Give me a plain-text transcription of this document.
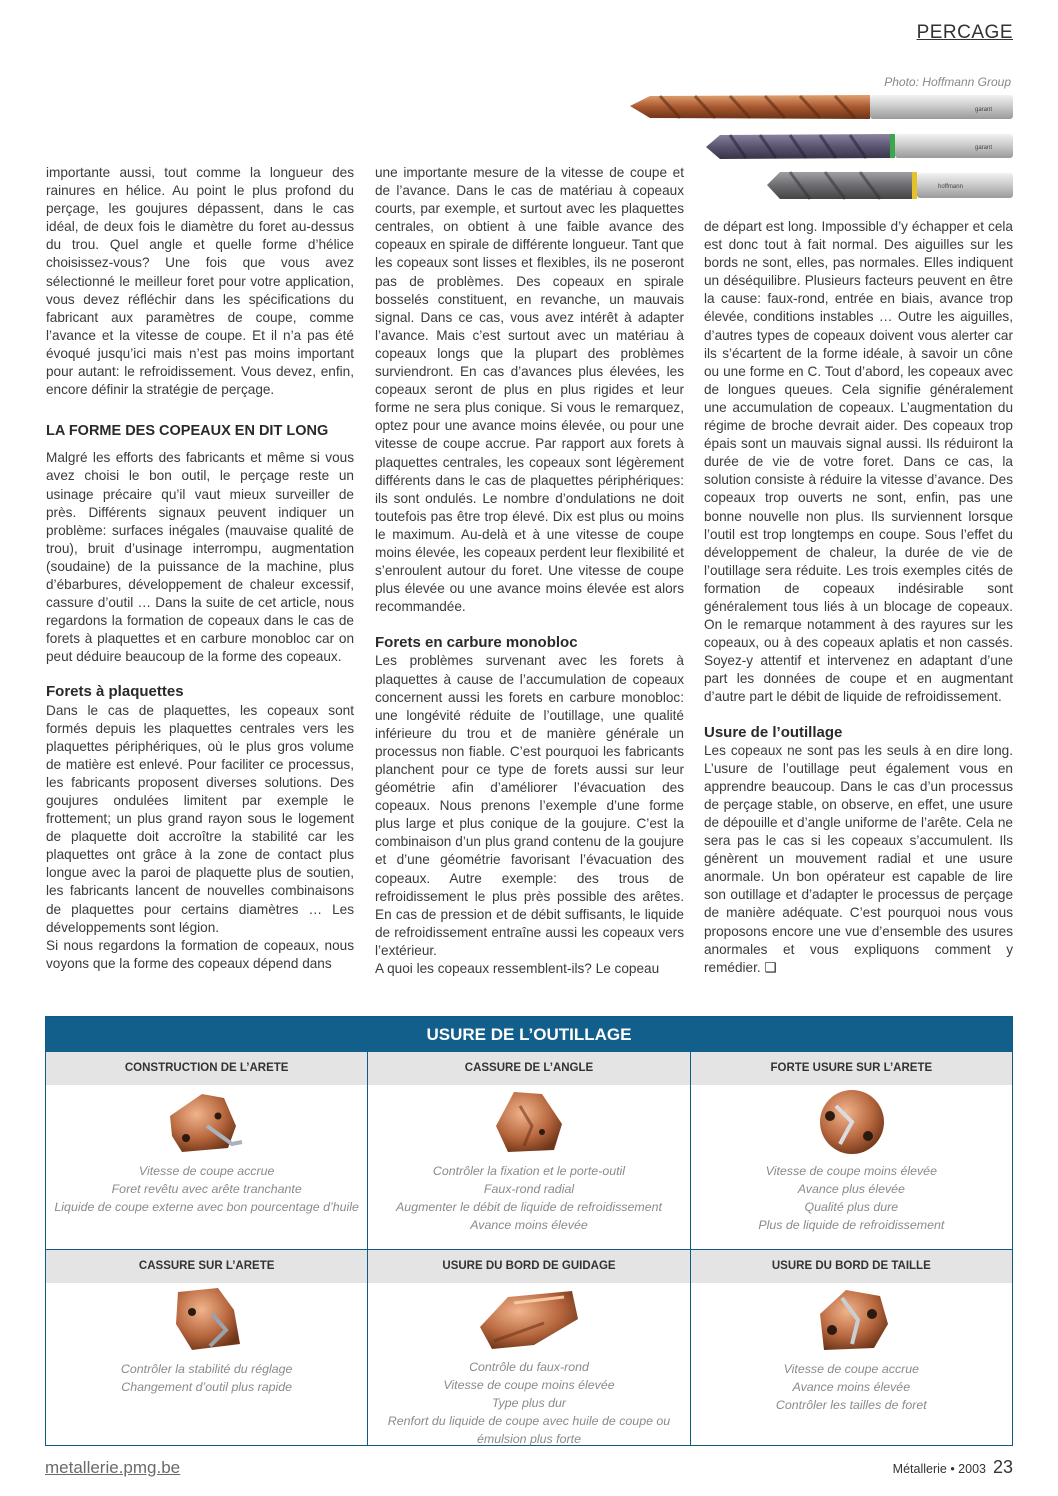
PERCAGE
Photo: Hoffmann Group
garant
garant
hoffmann

importante aussi, tout comme la longueur des rainures en hélice. Au point le plus profond du perçage, les goujures dépassent, dans le cas idéal, de deux fois le diamètre du foret au-dessus du trou. Quel angle et quelle forme d’hélice choisissez-vous? Une fois que vous avez sélectionné le meilleur foret pour votre application, vous devez réfléchir dans les spécifications du fabricant aux paramètres de coupe, comme l’avance et la vitesse de coupe. Et il n’a pas été évoqué jusqu’ici mais n’est pas moins important pour autant: le refroidissement. Vous devez, enfin, encore définir la stratégie de perçage.

LA FORME DES COPEAUX EN DIT LONG

Malgré les efforts des fabricants et même si vous avez choisi le bon outil, le perçage reste un usinage précaire qu’il vaut mieux surveiller de près. Différents signaux peuvent indiquer un problème: surfaces inégales (mauvaise qualité de trou), bruit d’usinage interrompu, augmentation (soudaine) de la puissance de la machine, plus d’ébarbures, développement de chaleur excessif, cassure d’outil … Dans la suite de cet article, nous regardons la formation de copeaux dans le cas de forets à plaquettes et en carbure monobloc car on peut déduire beaucoup de la forme des copeaux.

Forets à plaquettes

Dans le cas de plaquettes, les copeaux sont formés depuis les plaquettes centrales vers les plaquettes périphériques, où le plus gros volume de matière est enlevé. Pour faciliter ce processus, les fabricants proposent diverses solutions. Des goujures ondulées limitent par exemple le frottement; un plus grand rayon sous le logement de plaquette doit accroître la stabilité car les plaquettes ont grâce à la zone de contact plus longue avec la paroi de plaquette plus de soutien, les fabricants lancent de nouvelles combinaisons de plaquettes pour certains diamètres … Les développements sont légion.

Si nous regardons la formation de copeaux, nous voyons que la forme des copeaux dépend dans

une importante mesure de la vitesse de coupe et de l’avance. Dans le cas de matériau à copeaux courts, par exemple, et surtout avec les plaquettes centrales, on obtient à une faible avance des copeaux en spirale de différente longueur. Tant que les copeaux sont lisses et flexibles, ils ne poseront pas de problèmes. Des copeaux en spirale bosselés constituent, en revanche, un mauvais signal. Dans ce cas, vous avez intérêt à adapter l’avance. Mais c’est surtout avec un matériau à copeaux longs que la plupart des problèmes surviendront. En cas d’avances plus élevées, les copeaux seront de plus en plus rigides et leur forme ne sera plus conique. Si vous le remarquez, optez pour une avance moins élevée, ou pour une vitesse de coupe accrue. Par rapport aux forets à plaquettes centrales, les copeaux sont légèrement différents dans le cas de plaquettes périphériques: ils sont ondulés. Le nombre d’ondulations ne doit toutefois pas être trop élevé. Dix est plus ou moins le maximum. Au-delà et à une vitesse de coupe moins élevée, les copeaux perdent leur flexibilité et s’enroulent autour du foret. Une vitesse de coupe plus élevée ou une avance moins élevée est alors recommandée.

Forets en carbure monobloc

Les problèmes survenant avec les forets à plaquettes à cause de l’accumulation de copeaux concernent aussi les forets en carbure monobloc: une longévité réduite de l’outillage, une qualité inférieure du trou et de manière générale un processus non fiable. C’est pourquoi les fabricants planchent pour ce type de forets aussi sur leur géométrie afin d’améliorer l’évacuation des copeaux. Nous prenons l’exemple d’une forme plus large et plus conique de la goujure. C’est la combinaison d’un plus grand contenu de la goujure et d’une géométrie favorisant l’évacuation des copeaux. Autre exemple: des trous de refroidissement le plus près possible des arêtes. En cas de pression et de débit suffisants, le liquide de refroidissement entraîne aussi les copeaux vers l’extérieur.

A quoi les copeaux ressemblent-ils? Le copeau

de départ est long. Impossible d’y échapper et cela est donc tout à fait normal. Des aiguilles sur les bords ne sont, elles, pas normales. Elles indiquent un déséquilibre. Plusieurs facteurs peuvent en être la cause: faux-rond, entrée en biais, avance trop élevée, conditions instables … Outre les aiguilles, d’autres types de copeaux doivent vous alerter car ils s’écartent de la forme idéale, à savoir un cône ou une forme en C. Tout d’abord, les copeaux avec de longues queues. Cela signifie généralement une accumulation de copeaux. L’augmentation du régime de broche devrait aider. Des copeaux trop épais sont un mauvais signal aussi. Ils réduiront la durée de vie de votre foret. Dans ce cas, la solution consiste à réduire la vitesse d’avance. Des copeaux trop ouverts ne sont, enfin, pas une bonne nouvelle non plus. Ils surviennent lorsque l’outil est trop longtemps en coupe. Sous l’effet du développement de chaleur, la durée de vie de l’outillage sera réduite. Les trois exemples cités de formation de copeaux indésirable sont généralement tous liés à un blocage de copeaux. On le remarque notamment à des rayures sur les copeaux, ou à des copeaux aplatis et non cassés. Soyez-y attentif et intervenez en adaptant d’une part les données de coupe et en augmentant d’autre part le débit de liquide de refroidissement.

Usure de l’outillage

Les copeaux ne sont pas les seuls à en dire long. L’usure de l’outillage peut également vous en apprendre beaucoup. Dans le cas d’un processus de perçage stable, on observe, en effet, une usure de dépouille et d’angle uniforme de l’arête. Cela ne sera pas le cas si les copeaux s’accumulent. Ils génèrent un mouvement radial et une usure anormale. Un bon opérateur est capable de lire son outillage et d’adapter le processus de perçage de manière adéquate. C’est pourquoi nous vous proposons encore une vue d’ensemble des usures anormales et vous expliquons comment y remédier. ❑

USURE DE L’OUTILLAGE
CONSTRUCTION DE L’ARETE
Vitesse de coupe accrue
Foret revêtu avec arête tranchante
Liquide de coupe externe avec bon pourcentage d’huile
CASSURE DE L’ANGLE
Contrôler la fixation et le porte-outil
Faux-rond radial
Augmenter le débit de liquide de refroidissement
Avance moins élevée
FORTE USURE SUR L’ARETE
Vitesse de coupe moins élevée
Avance plus élevée
Qualité plus dure
Plus de liquide de refroidissement
CASSURE SUR L’ARETE
Contrôler la stabilité du réglage
Changement d’outil plus rapide
USURE DU BORD DE GUIDAGE
Contrôle du faux-rond
Vitesse de coupe moins élevée
Type plus dur
Renfort du liquide de coupe avec huile de coupe ou
émulsion plus forte
USURE DU BORD DE TAILLE
Vitesse de coupe accrue
Avance moins élevée
Contrôler les tailles de foret
metallerie.pmg.be	Métallerie • 2003 23
